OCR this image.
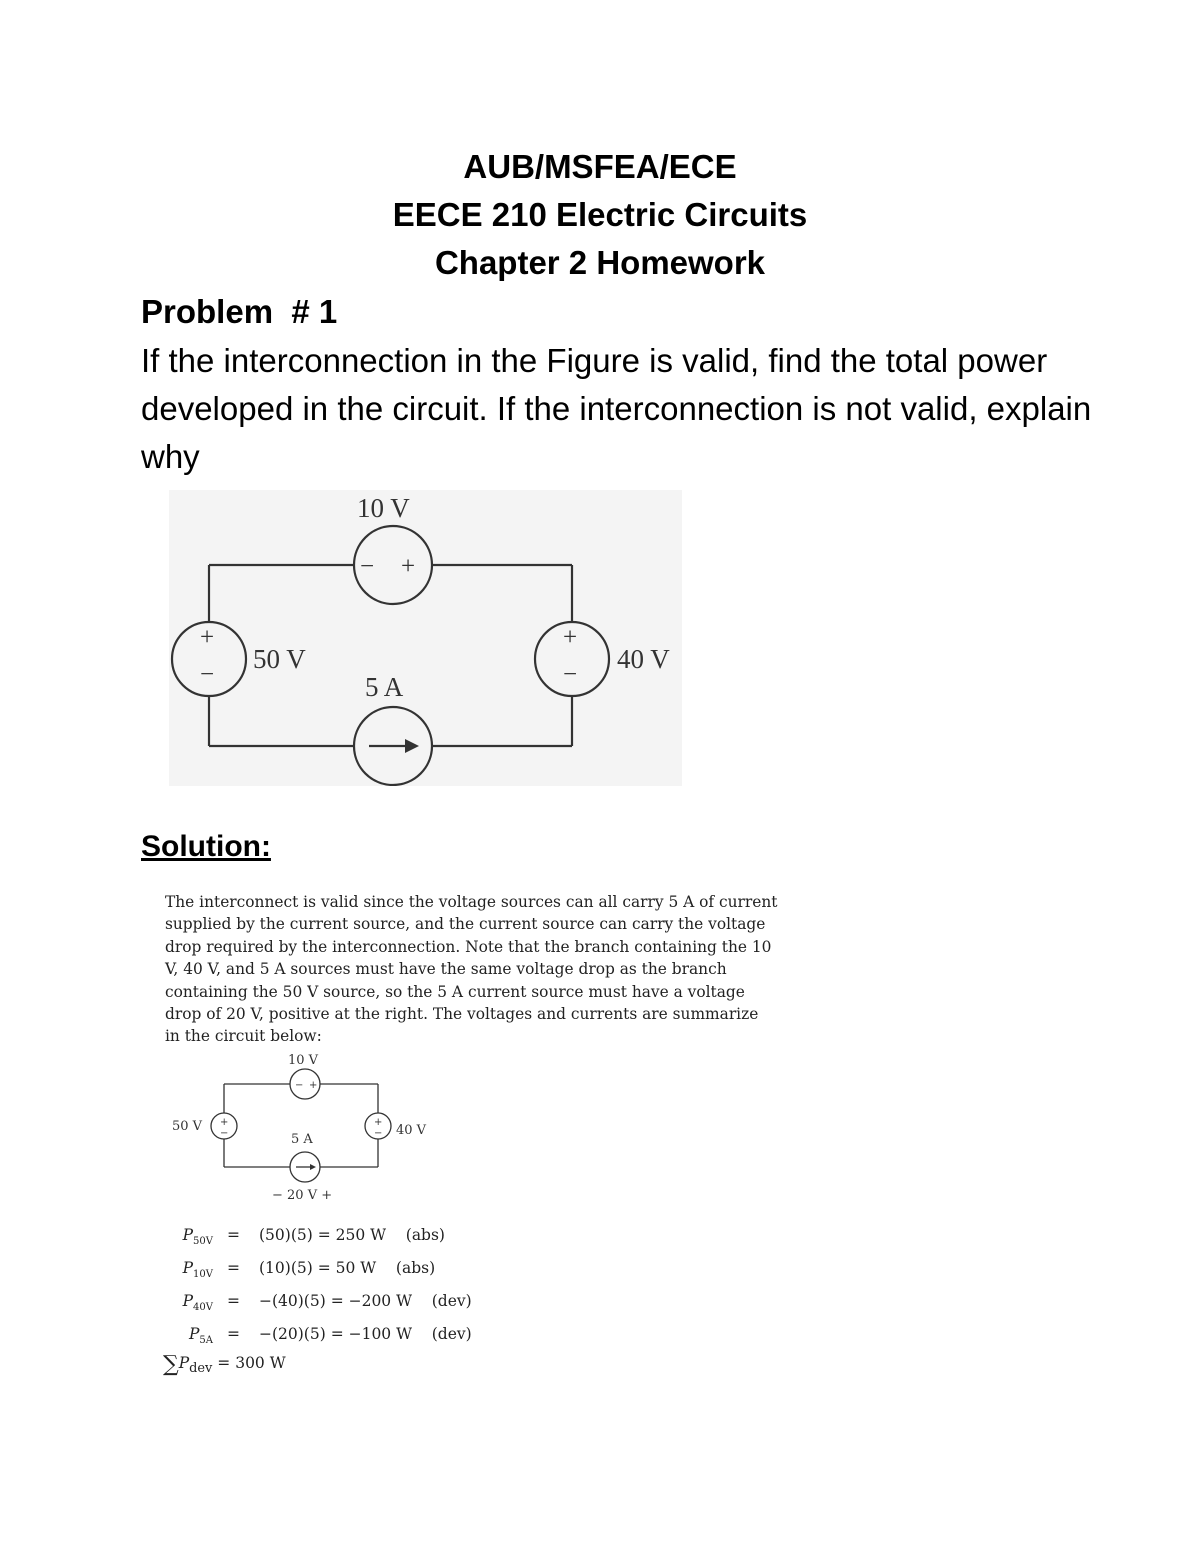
AUB/MSFEA/ECE
EECE 210 Electric Circuits
Chapter 2 Homework
Problem  # 1
If the interconnection in the Figure is valid, find the total power developed in the circuit. If the interconnection is not valid, explain why
10 V
50 V	40 V
5 A
− +
+
−
+
−
Solution:
The interconnect is valid since the voltage sources can all carry 5 A of current
supplied by the current source, and the current source can carry the voltage
drop required by the interconnection. Note that the branch containing the 10
V, 40 V, and 5 A sources must have the same voltage drop as the branch
containing the 50 V source, so the 5 A current source must have a voltage
drop of 20 V, positive at the right. The voltages and currents are summarize
in the circuit below:
10 V
50 V	40 V
5 A
− 20 V +
− +
+
−
+
−
$P_{50V} = (50)(5) = 250$ W    (abs)
$P_{10V} = (10)(5) = 50$ W    (abs)
$P_{40V} = -(40)(5) = -200$ W    (dev)
$P_{5A} = -(20)(5) = -100$ W    (dev)
$\sum P_{dev} = 300$ W
